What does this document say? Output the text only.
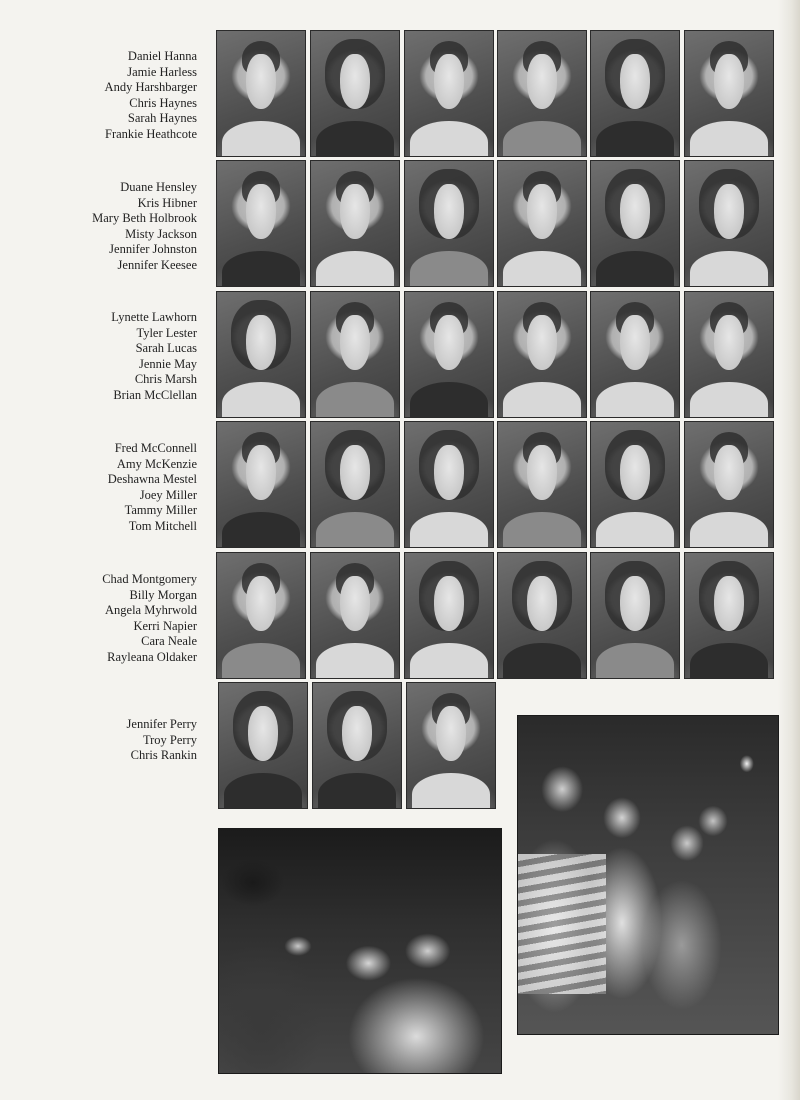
Daniel Hanna
Jamie Harless
Andy Harshbarger
Chris Haynes
Sarah Haynes
Frankie Heathcote
Duane Hensley
Kris Hibner
Mary Beth Holbrook
Misty Jackson
Jennifer Johnston
Jennifer Keesee
Lynette Lawhorn
Tyler Lester
Sarah Lucas
Jennie May
Chris Marsh
Brian McClellan
Fred McConnell
Amy McKenzie
Deshawna Mestel
Joey Miller
Tammy Miller
Tom Mitchell
Chad Montgomery
Billy Morgan
Angela Myhrwold
Kerri Napier
Cara Neale
Rayleana Oldaker
Jennifer Perry
Troy Perry
Chris Rankin
